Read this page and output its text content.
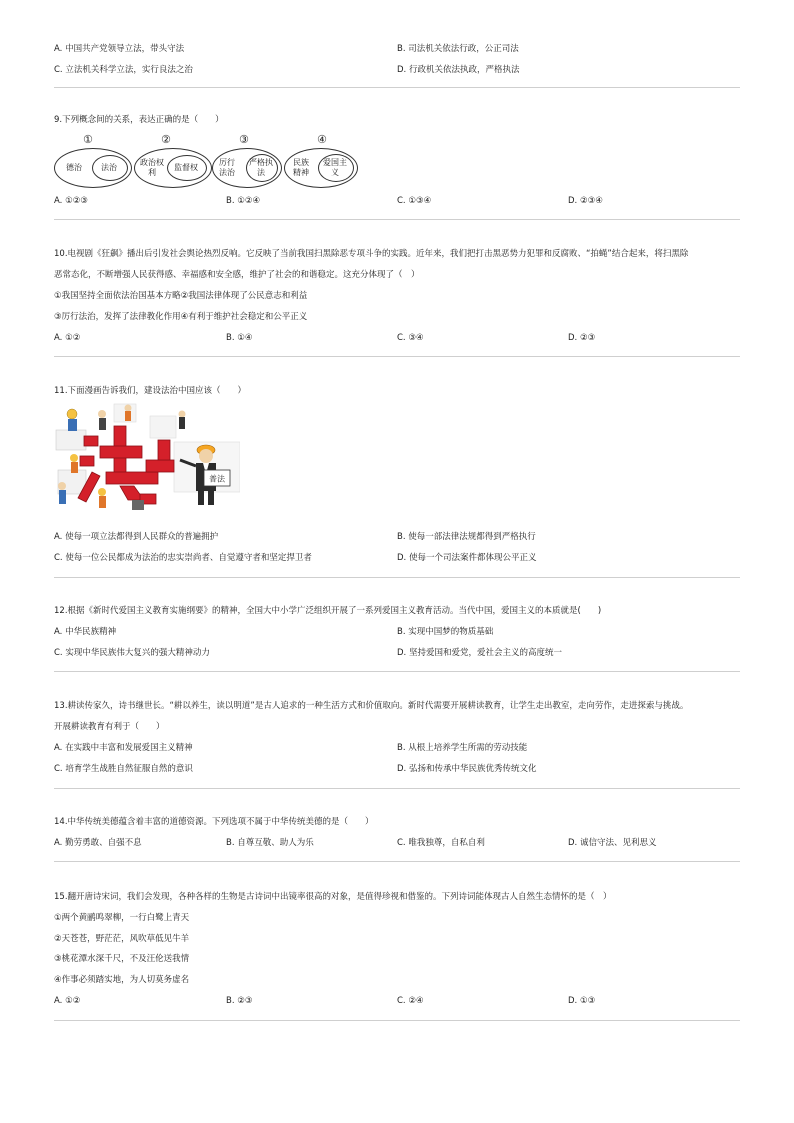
A. 中国共产党领导立法，带头守法	B. 司法机关依法行政，公正司法
C. 立法机关科学立法，实行良法之治	D. 行政机关依法执政，严格执法
9.下列概念间的关系，表达正确的是（　　）
①
德治	法治
②
政治权利
监督权
③
厉行法治
严格执法
④
民族精神
爱国主义
A. ①②③	B. ①②④	C. ①③④	D. ②③④
10.电视剧《狂飙》播出后引发社会舆论热烈反响。它反映了当前我国扫黑除恶专项斗争的实践。近年来，我们把打击黑恶势力犯罪和反腐败、“拍蝇”结合起来，将扫黑除
恶常态化，不断增强人民获得感、幸福感和安全感，维护了社会的和谐稳定。这充分体现了（　）
①我国坚持全面依法治国基本方略②我国法律体现了公民意志和利益
③厉行法治，发挥了法律教化作用④有利于维护社会稳定和公平正义
A. ①②	B. ①④	C. ③④	D. ②③
11.下面漫画告诉我们，建设法治中国应该（　　）
普法
A. 使每一项立法都得到人民群众的普遍拥护	B. 使每一部法律法规都得到严格执行
C. 使每一位公民都成为法治的忠实崇尚者、自觉遵守者和坚定捍卫者	D. 使每一个司法案件都体现公平正义
12.根据《新时代爱国主义教育实施纲要》的精神，全国大中小学广泛组织开展了一系列爱国主义教育活动。当代中国，爱国主义的本质就是(　　)
A. 中华民族精神	B. 实现中国梦的物质基础
C. 实现中华民族伟大复兴的强大精神动力	D. 坚持爱国和爱党，爱社会主义的高度统一
13.耕读传家久，诗书继世长。“耕以养生，读以明道”是古人追求的一种生活方式和价值取向。新时代需要开展耕读教育，让学生走出教室，走向劳作，走进探索与挑战。
开展耕读教育有利于（　　）
A. 在实践中丰富和发展爱国主义精神	B. 从根上培养学生所需的劳动技能
C. 培育学生战胜自然征服自然的意识	D. 弘扬和传承中华民族优秀传统文化
14.中华传统美德蕴含着丰富的道德资源。下列选项不属于中华传统美德的是（　　）
A. 勤劳勇敢、自强不息	B. 自尊互敬、助人为乐	C. 唯我独尊，自私自利	D. 诚信守法、见利思义
15.翻开唐诗宋词，我们会发现，各种各样的生物是古诗词中出镜率很高的对象，是值得珍视和借鉴的。下列诗词能体现古人自然生态情怀的是（　）
①两个黄鹂鸣翠柳，一行白鹭上青天
②天苍苍，野茫茫，风吹草低见牛羊
③桃花潭水深千尺，不及汪伦送我情
④作事必须踏实地，为人切莫务虚名
A. ①②	B. ②③	C. ②④	D. ①③
